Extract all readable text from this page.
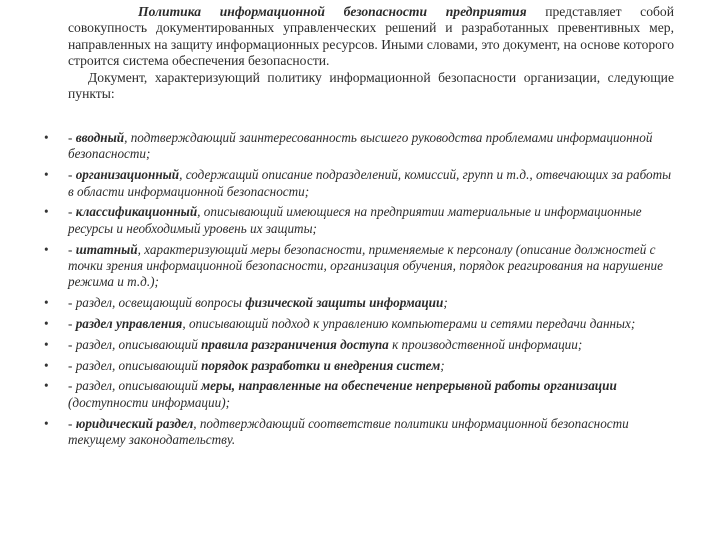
Политика информационной безопасности предприятия представляет собой совокупность документированных управленческих решений и разработанных превентивных мер, направленных на защиту информационных ресурсов. Иными словами, это документ, на основе которого строится система обеспечения безопасности.

Документ, характеризующий политику информационной безопасности организации, следующие пункты:

• - вводный, подтверждающий заинтересованность высшего руководства проблемами информационной безопасности;
• - организационный, содержащий описание подразделений, комиссий, групп и т.д., отвечающих за работы в области информационной безопасности;
• - классификационный, описывающий имеющиеся на предприятии материальные и информационные ресурсы и необходимый уровень их защиты;
• - штатный, характеризующий меры безопасности, применяемые к персоналу (описание должностей с точки зрения информационной безопасности, организация обучения, порядок реагирования на нарушение режима и т.д.);
• - раздел, освещающий вопросы физической защиты информации;
• - раздел управления, описывающий подход к управлению компьютерами и сетями передачи данных;
• - раздел, описывающий правила разграничения доступа к производственной информации;
• - раздел, описывающий порядок разработки и внедрения систем;
• - раздел, описывающий меры, направленные на обеспечение непрерывной работы организации (доступности информации);
• - юридический раздел, подтверждающий соответствие политики информационной безопасности текущему законодательству.
